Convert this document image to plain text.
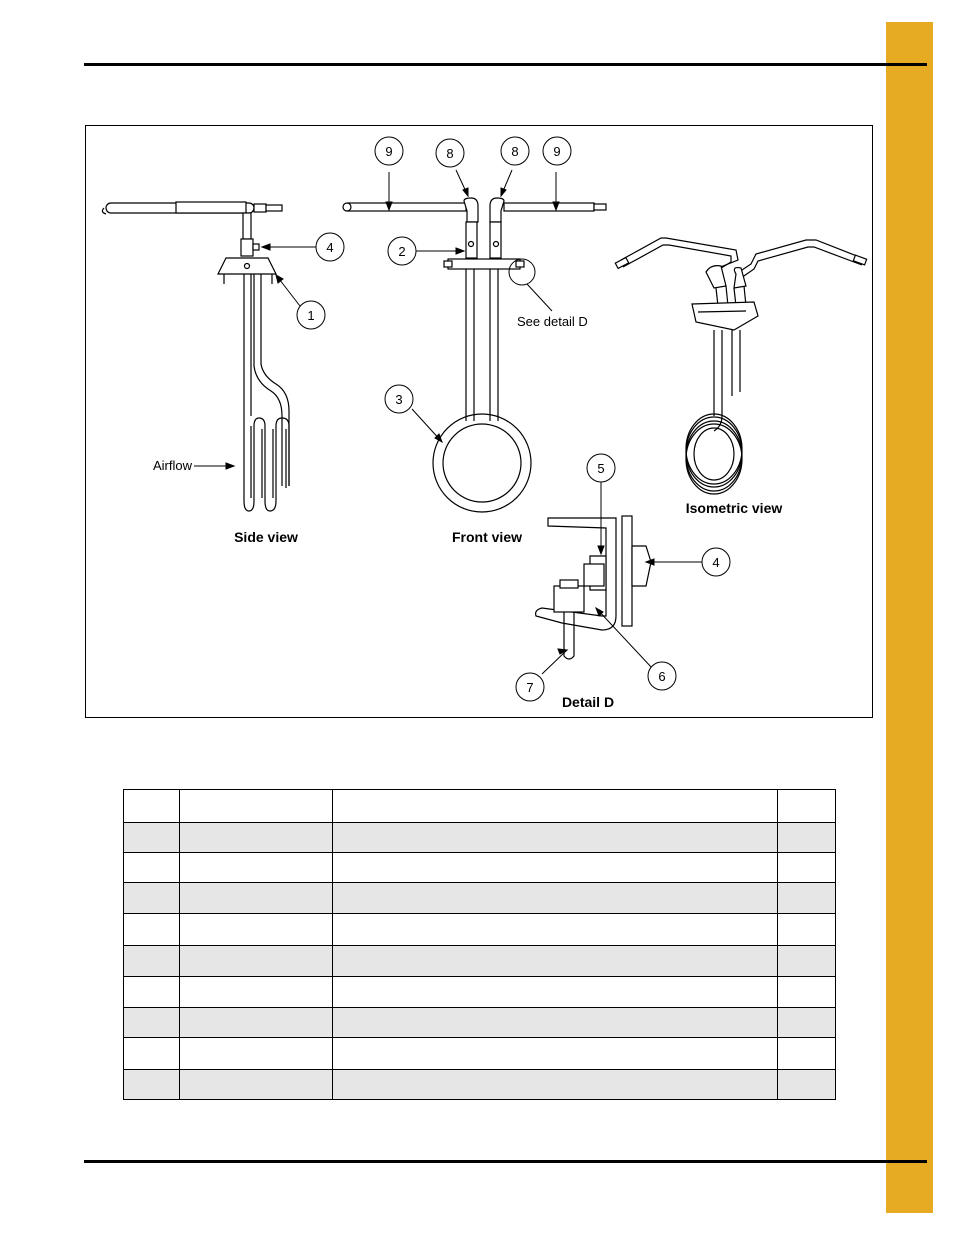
4
1
Airflow
Side view
9	8	8	9
2
3
See detail D
Front view
Isometric view
5
4
6
7
Detail D
